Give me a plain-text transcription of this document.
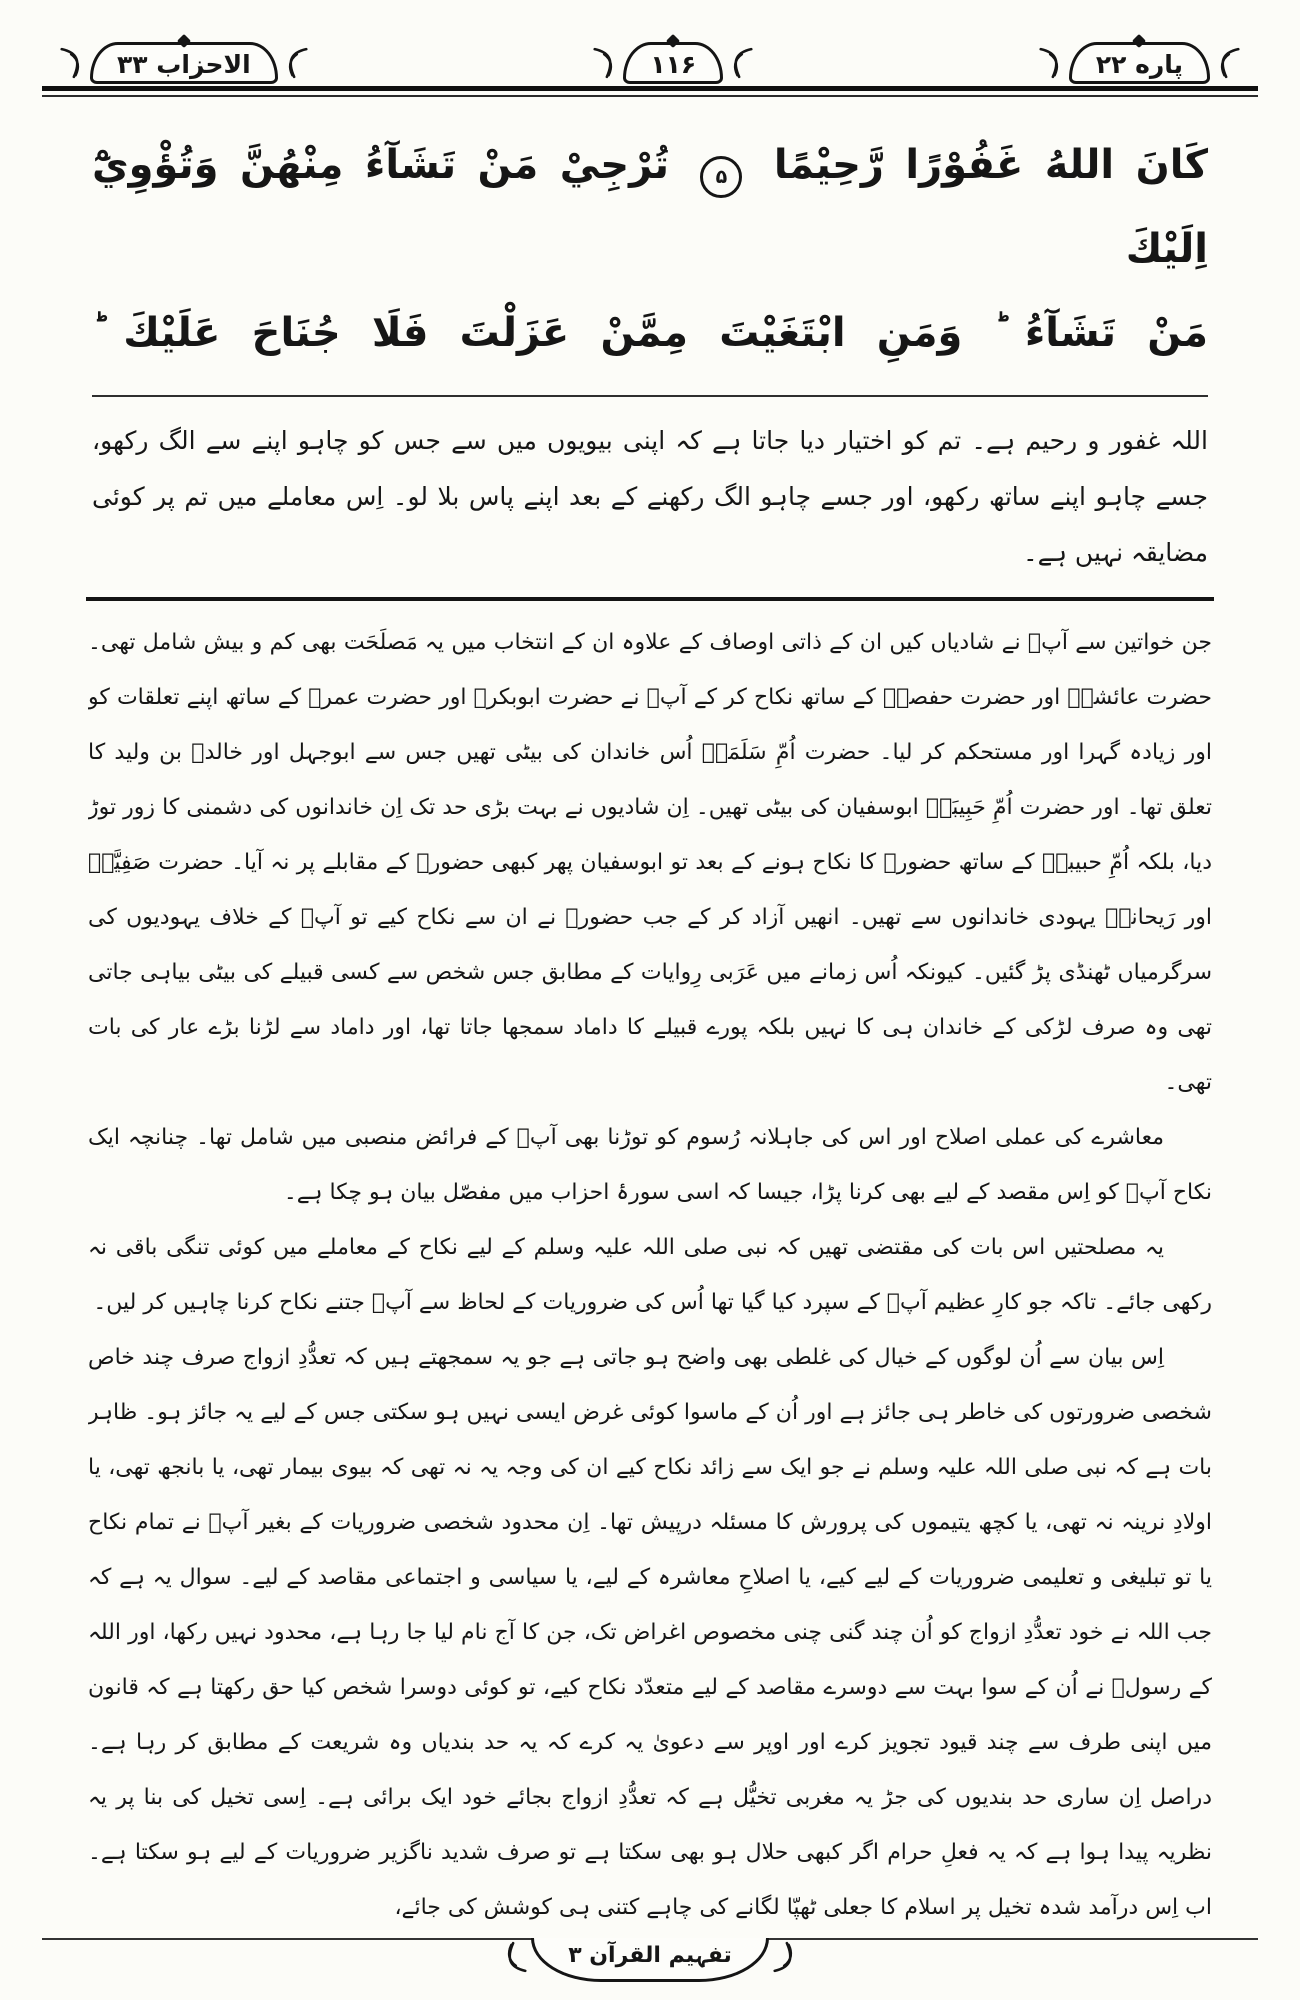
پاره ۲۲
۱۱۶
الاحزاب ۳۳
كَانَ اللهُ غَفُوْرًا رَّحِيْمًا ۵ تُرْجِيْ مَنْ تَشَآءُ مِنْهُنَّ وَتُؤْوِيْٓ اِلَيْكَ
مَنْ تَشَآءُ ؕ وَمَنِ ابْتَغَيْتَ مِمَّنْ عَزَلْتَ فَلَا جُنَاحَ عَلَيْكَ ؕ

اللہ غفور و رحیم ہے۔ تم کو اختیار دیا جاتا ہے کہ اپنی بیویوں میں سے جس کو چاہو اپنے سے الگ رکھو، جسے چاہو اپنے ساتھ رکھو، اور جسے چاہو الگ رکھنے کے بعد اپنے پاس بلا لو۔ اِس معاملے میں تم پر کوئی مضایقہ نہیں ہے۔

جن خواتین سے آپؐ نے شادیاں کیں ان کے ذاتی اوصاف کے علاوہ ان کے انتخاب میں یہ مَصلَحَت بھی کم و بیش شامل تھی۔ حضرت عائشہؓ اور حضرت حفصہؓ کے ساتھ نکاح کر کے آپؐ نے حضرت ابوبکرؓ اور حضرت عمرؓ کے ساتھ اپنے تعلقات کو اور زیادہ گہرا اور مستحکم کر لیا۔ حضرت اُمِّ سَلَمَہؓ اُس خاندان کی بیٹی تھیں جس سے ابوجہل اور خالدؓ بن ولید کا تعلق تھا۔ اور حضرت اُمِّ حَبِیبَہؓ ابوسفیان کی بیٹی تھیں۔ اِن شادیوں نے بہت بڑی حد تک اِن خاندانوں کی دشمنی کا زور توڑ دیا، بلکہ اُمِّ حبیبہؓ کے ساتھ حضورؐ کا نکاح ہونے کے بعد تو ابوسفیان پھر کبھی حضورؐ کے مقابلے پر نہ آیا۔ حضرت صَفِیَّہؓ اور رَیحانہؓ یہودی خاندانوں سے تھیں۔ انھیں آزاد کر کے جب حضورؐ نے ان سے نکاح کیے تو آپؐ کے خلاف یہودیوں کی سرگرمیاں ٹھنڈی پڑ گئیں۔ کیونکہ اُس زمانے میں عَرَبی رِوایات کے مطابق جس شخص سے کسی قبیلے کی بیٹی بیاہی جاتی تھی وہ صرف لڑکی کے خاندان ہی کا نہیں بلکہ پورے قبیلے کا داماد سمجھا جاتا تھا، اور داماد سے لڑنا بڑے عار کی بات تھی۔

معاشرے کی عملی اصلاح اور اس کی جاہلانہ رُسوم کو توڑنا بھی آپؐ کے فرائض منصبی میں شامل تھا۔ چنانچہ ایک نکاح آپؐ کو اِس مقصد کے لیے بھی کرنا پڑا، جیسا کہ اسی سورۂ احزاب میں مفصّل بیان ہو چکا ہے۔

یہ مصلحتیں اس بات کی مقتضی تھیں کہ نبی صلی اللہ علیہ وسلم کے لیے نکاح کے معاملے میں کوئی تنگی باقی نہ رکھی جائے۔ تاکہ جو کارِ عظیم آپؐ کے سپرد کیا گیا تھا اُس کی ضروریات کے لحاظ سے آپؐ جتنے نکاح کرنا چاہیں کر لیں۔

اِس بیان سے اُن لوگوں کے خیال کی غلطی بھی واضح ہو جاتی ہے جو یہ سمجھتے ہیں کہ تعدُّدِ ازواج صرف چند خاص شخصی ضرورتوں کی خاطر ہی جائز ہے اور اُن کے ماسوا کوئی غرض ایسی نہیں ہو سکتی جس کے لیے یہ جائز ہو۔ ظاہر بات ہے کہ نبی صلی اللہ علیہ وسلم نے جو ایک سے زائد نکاح کیے ان کی وجہ یہ نہ تھی کہ بیوی بیمار تھی، یا بانجھ تھی، یا اولادِ نرینہ نہ تھی، یا کچھ یتیموں کی پرورش کا مسئلہ درپیش تھا۔ اِن محدود شخصی ضروریات کے بغیر آپؐ نے تمام نکاح یا تو تبلیغی و تعلیمی ضروریات کے لیے کیے، یا اصلاحِ معاشرہ کے لیے، یا سیاسی و اجتماعی مقاصد کے لیے۔ سوال یہ ہے کہ جب اللہ نے خود تعدُّدِ ازواج کو اُن چند گنی چنی مخصوص اغراض تک، جن کا آج نام لیا جا رہا ہے، محدود نہیں رکھا، اور اللہ کے رسولؐ نے اُن کے سوا بہت سے دوسرے مقاصد کے لیے متعدّد نکاح کیے، تو کوئی دوسرا شخص کیا حق رکھتا ہے کہ قانون میں اپنی طرف سے چند قیود تجویز کرے اور اوپر سے دعویٰ یہ کرے کہ یہ حد بندیاں وہ شریعت کے مطابق کر رہا ہے۔ دراصل اِن ساری حد بندیوں کی جڑ یہ مغربی تخیُّل ہے کہ تعدُّدِ ازواج بجائے خود ایک برائی ہے۔ اِسی تخیل کی بنا پر یہ نظریہ پیدا ہوا ہے کہ یہ فعلِ حرام اگر کبھی حلال ہو بھی سکتا ہے تو صرف شدید ناگزیر ضروریات کے لیے ہو سکتا ہے۔ اب اِس درآمد شدہ تخیل پر اسلام کا جعلی ٹھپّا لگانے کی چاہے کتنی ہی کوشش کی جائے،

تفہیم القرآن ۳
